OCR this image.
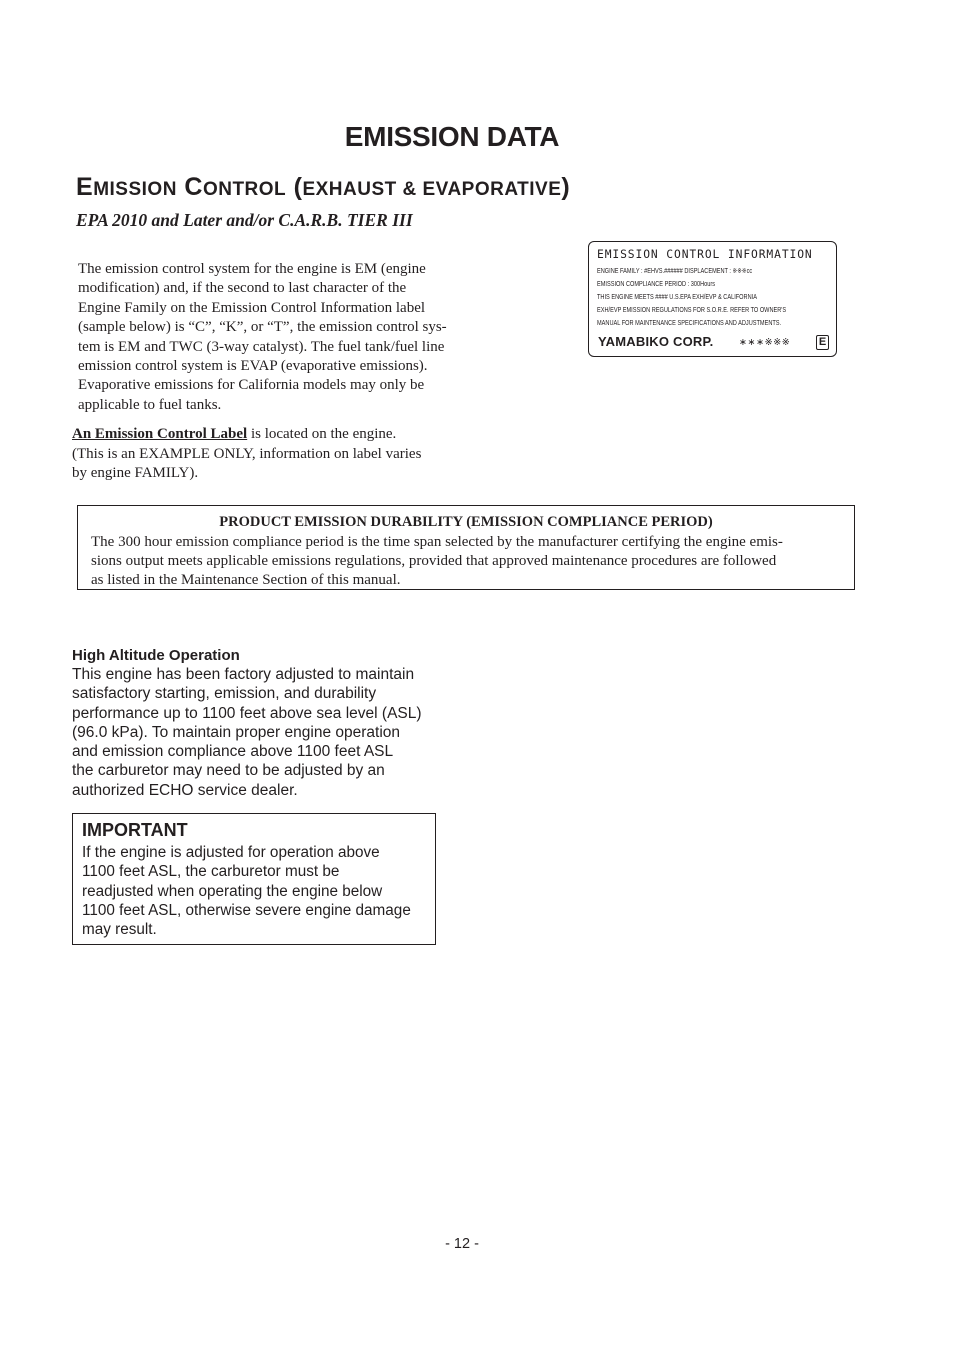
EMISSION DATA
EMISSION CONTROL (EXHAUST & EVAPORATIVE)
EPA 2010 and Later and/or C.A.R.B. TIER III
The emission control system for the engine is EM (engine
modification) and, if the second to last character of the
Engine Family on the Emission Control Information label
(sample below) is “C”, “K”, or “T”, the emission control sys-
tem is EM and TWC (3-way catalyst). The fuel tank/fuel line
emission control system is EVAP (evaporative emissions).
Evaporative emissions for California models may only be
applicable to fuel tanks.
An Emission Control Label is located on the engine.
(This is an EXAMPLE ONLY, information on label varies
by engine FAMILY).
EMISSION CONTROL INFORMATION
ENGINE FAMILY : #EHVS.###### DISPLACEMENT : ※※※cc
EMISSION COMPLIANCE PERIOD : 300Hours
THIS ENGINE MEETS #### U.S.EPA EXH/EVP & CALIFORNIA
EXH/EVP EMISSION REGULATIONS FOR S.O.R.E. REFER TO OWNER'S
MANUAL FOR MAINTENANCE SPECIFICATIONS AND ADJUSTMENTS.
YAMABIKO CORP.	∗∗∗※※※	E
PRODUCT EMISSION DURABILITY (EMISSION COMPLIANCE PERIOD)
The 300 hour emission compliance period is the time span selected by the manufacturer certifying the engine emis-
sions output meets applicable emissions regulations, provided that approved maintenance procedures are followed
as listed in the Maintenance Section of this manual.
High Altitude Operation
This engine has been factory adjusted to maintain
satisfactory starting, emission, and durability
performance up to 1100 feet above sea level (ASL)
(96.0 kPa). To maintain proper engine operation
and emission compliance above 1100 feet ASL
the carburetor may need to be adjusted by an
authorized ECHO service dealer.
IMPORTANT
If the engine is adjusted for operation above
1100 feet ASL, the carburetor must be
readjusted when operating the engine below
1100 feet ASL, otherwise severe engine damage
may result.
- 12 -
